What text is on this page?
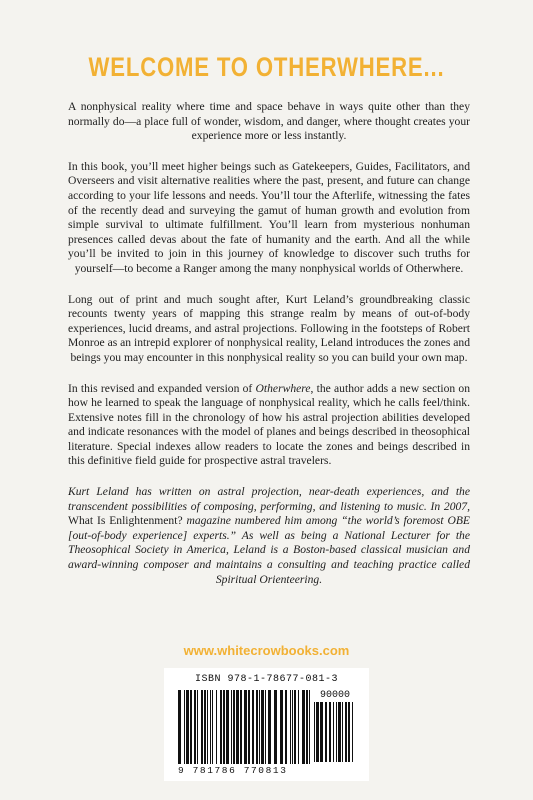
WELCOME TO OTHERWHERE...

A nonphysical reality where time and space behave in ways quite other than they normally do—a place full of wonder, wisdom, and danger, where thought creates your experience more or less instantly.

In this book, you’ll meet higher beings such as Gatekeepers, Guides, Facilitators, and Overseers and visit alternative realities where the past, present, and future can change according to your life lessons and needs. You’ll tour the Afterlife, witnessing the fates of the recently dead and surveying the gamut of human growth and evolution from simple survival to ultimate fulfillment. You’ll learn from mysterious nonhuman presences called devas about the fate of humanity and the earth. And all the while you’ll be invited to join in this journey of knowledge to discover such truths for yourself—to become a Ranger among the many nonphysical worlds of Otherwhere.

Long out of print and much sought after, Kurt Leland’s groundbreaking classic recounts twenty years of mapping this strange realm by means of out-of-body experiences, lucid dreams, and astral projections. Following in the footsteps of Robert Monroe as an intrepid explorer of nonphysical reality, Leland introduces the zones and beings you may encounter in this nonphysical reality so you can build your own map.

In this revised and expanded version of Otherwhere, the author adds a new section on how he learned to speak the language of nonphysical reality, which he calls feel/think. Extensive notes fill in the chronology of how his astral projection abilities developed and indicate resonances with the model of planes and beings described in theosophical literature. Special indexes allow readers to locate the zones and beings described in this definitive field guide for prospective astral travelers.

Kurt Leland has written on astral projection, near-death experiences, and the transcendent possibilities of composing, performing, and listening to music. In 2007, What Is Enlightenment? magazine numbered him among “the world’s foremost OBE [out-of-body experience] experts.” As well as being a National Lecturer for the Theosophical Society in America, Leland is a Boston-based classical musician and award-winning composer and maintains a consulting and teaching practice called Spiritual Orienteering.

www.whitecrowbooks.com
ISBN 978-1-78677-081-3
90000
9 781786 770813
